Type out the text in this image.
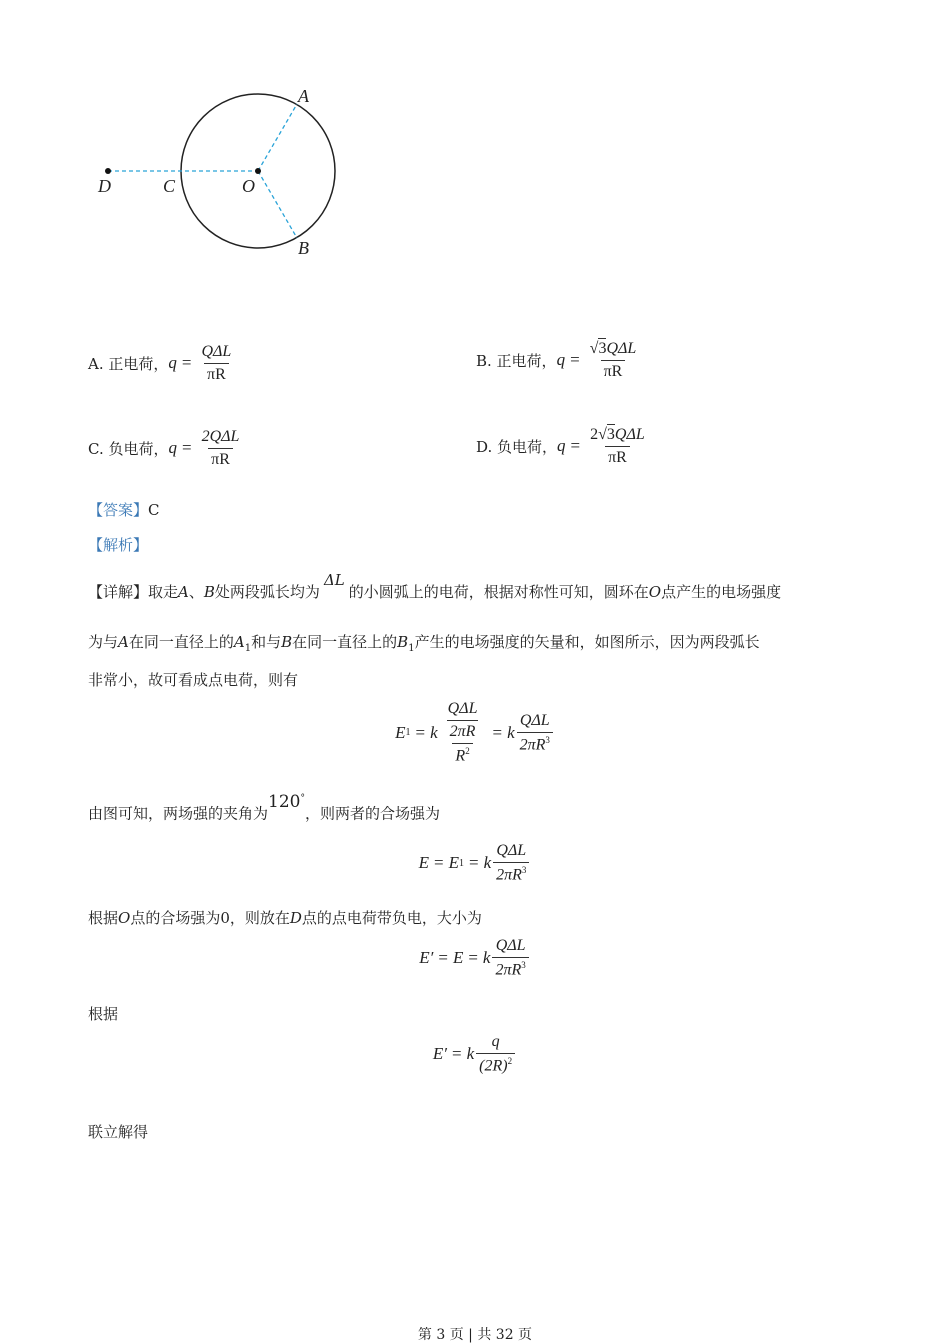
A
B
C
D	O
A. 正电荷， $q = \frac{\text{QΔL}}{\pi R}$	B. 正电荷， $q = \frac{\text{√3QΔL}}{\pi R}$
C. 负电荷， $q = \frac{\text{2QΔL}}{\pi R}$	D. 负电荷， $q = \frac{\text{2√3QΔL}}{\pi R}$
【答案】C
【解析】
【详解】取走A、B处两段弧长均为ΔL的小圆弧上的电荷，根据对称性可知，圆环在O点产生的电场强度
为与A在同一直径上的$A_1$和与B在同一直径上的$B_1$产生的电场强度的矢量和，如图所示，因为两段弧长
非常小，故可看成点电荷，则有
E 1 = k $\frac{\frac{\text{QΔL}}{2\pi R}}{R^2} = k \frac{\text{QΔL}}{2\pi R^3}$
由图可知，两场强的夹角为120°，则两者的合场强为
E = E 1 = k $\frac{\text{QΔL}}{2\pi R^3}$
根据O点的合场强为0，则放在D点的点电荷带负电，大小为
E′ = E = k $\frac{\text{QΔL}}{2\pi R^3}$
根据
E′ = k $\frac{q}{(2R)^2}$
联立解得
第 3 页 | 共 32 页
